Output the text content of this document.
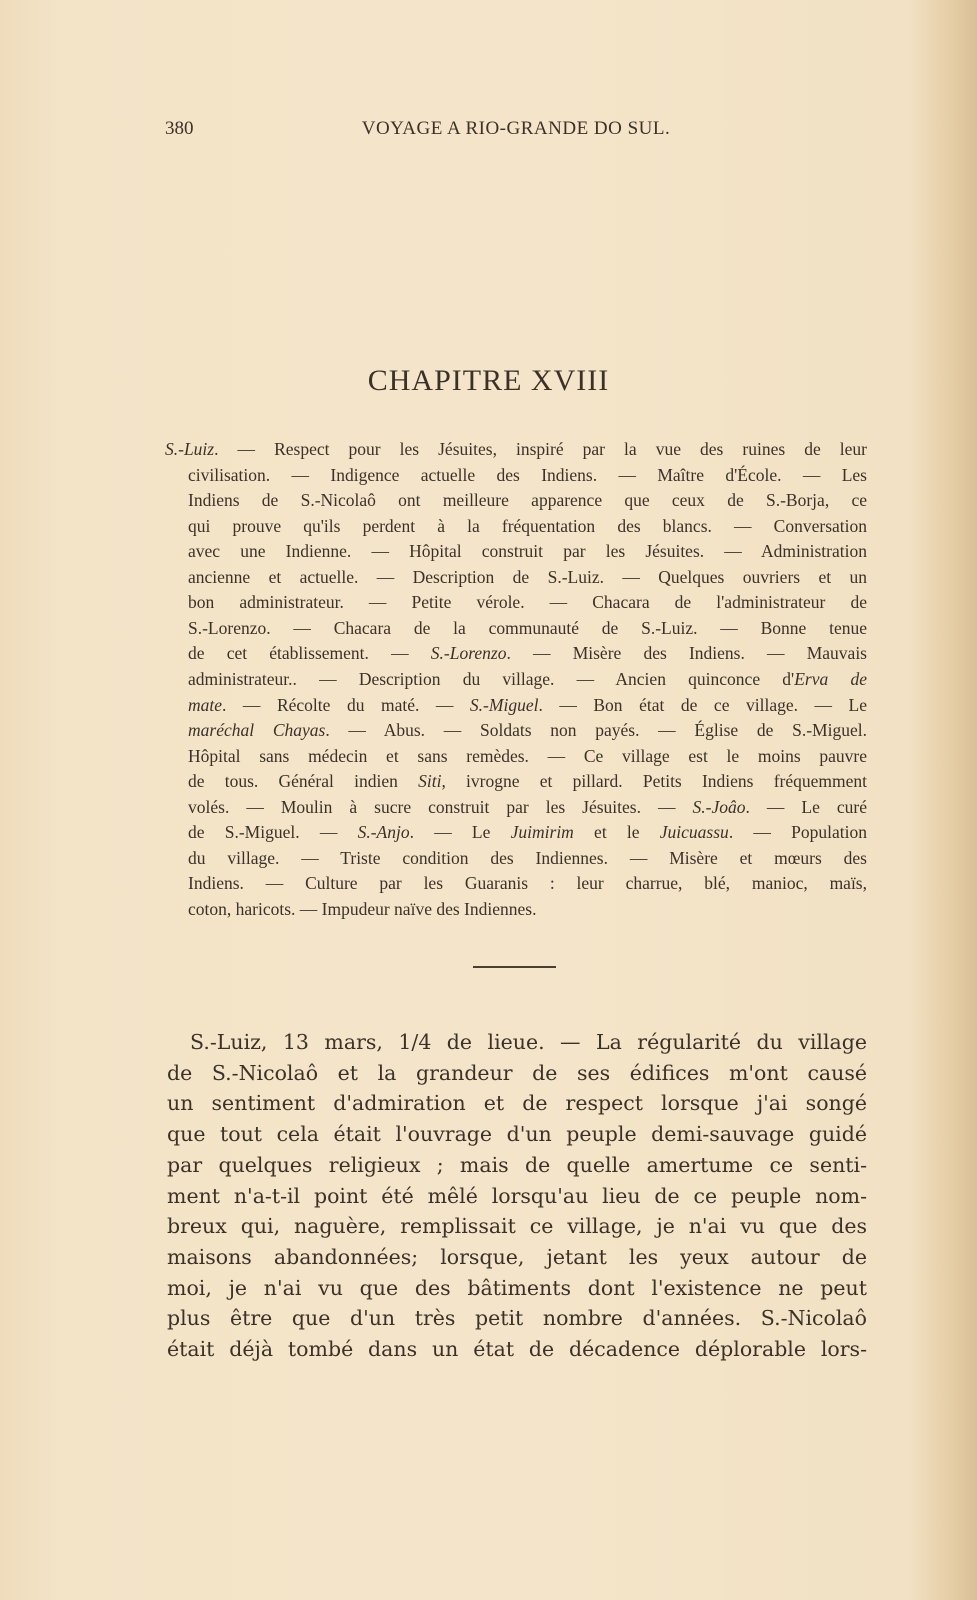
380	VOYAGE A RIO-GRANDE DO SUL.
CHAPITRE XVIII
S.-Luiz. — Respect pour les Jésuites, inspiré par la vue des ruines de leur
civilisation. — Indigence actuelle des Indiens. — Maître d'École. — Les
Indiens de S.-Nicolaô ont meilleure apparence que ceux de S.-Borja, ce
qui prouve qu'ils perdent à la fréquentation des blancs. — Conversation
avec une Indienne. — Hôpital construit par les Jésuites. — Administration
ancienne et actuelle. — Description de S.-Luiz. — Quelques ouvriers et un
bon administrateur. — Petite vérole. — Chacara de l'administrateur de
S.-Lorenzo. — Chacara de la communauté de S.-Luiz. — Bonne tenue
de cet établissement. — S.-Lorenzo. — Misère des Indiens. — Mauvais
administrateur.. — Description du village. — Ancien quinconce d'Erva de
mate. — Récolte du maté. — S.-Miguel. — Bon état de ce village. — Le
maréchal Chayas. — Abus. — Soldats non payés. — Église de S.-Miguel.
Hôpital sans médecin et sans remèdes. — Ce village est le moins pauvre
de tous. Général indien Siti, ivrogne et pillard. Petits Indiens fréquemment
volés. — Moulin à sucre construit par les Jésuites. — S.-Joâo. — Le curé
de S.-Miguel. — S.-Anjo. — Le Juimirim et le Juicuassu. — Population
du village. — Triste condition des Indiennes. — Misère et mœurs des
Indiens. — Culture par les Guaranis : leur charrue, blé, manioc, maïs,
coton, haricots. — Impudeur naïve des Indiennes.
S.-Luiz, 13 mars, 1/4 de lieue. — La régularité du village
de S.-Nicolaô et la grandeur de ses édifices m'ont causé
un sentiment d'admiration et de respect lorsque j'ai songé
que tout cela était l'ouvrage d'un peuple demi-sauvage guidé
par quelques religieux ; mais de quelle amertume ce senti-
ment n'a-t-il point été mêlé lorsqu'au lieu de ce peuple nom-
breux qui, naguère, remplissait ce village, je n'ai vu que des
maisons abandonnées; lorsque, jetant les yeux autour de
moi, je n'ai vu que des bâtiments dont l'existence ne peut
plus être que d'un très petit nombre d'années. S.-Nicolaô
était déjà tombé dans un état de décadence déplorable lors-
